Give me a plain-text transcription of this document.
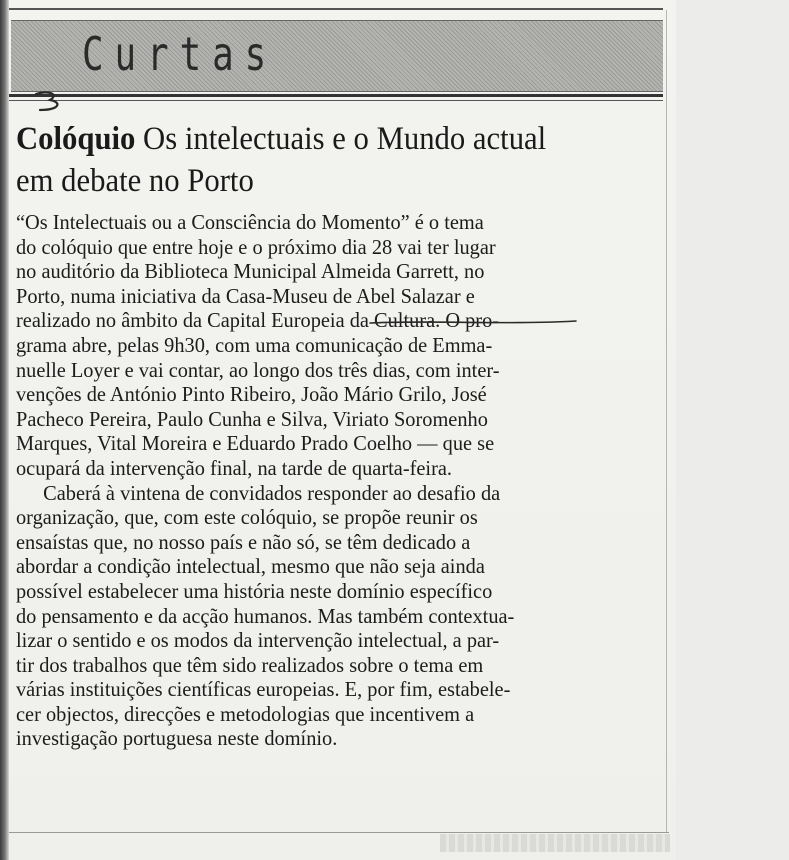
Curtas
Colóquio Os intelectuais e o Mundo actual
em debate no Porto
“Os Intelectuais ou a Consciência do Momento” é o tema
do colóquio que entre hoje e o próximo dia 28 vai ter lugar
no auditório da Biblioteca Municipal Almeida Garrett, no
Porto, numa iniciativa da Casa-Museu de Abel Salazar e
realizado no âmbito da Capital Europeia da Cultura. O pro-
grama abre, pelas 9h30, com uma comunicação de Emma-
nuelle Loyer e vai contar, ao longo dos três dias, com inter-
venções de António Pinto Ribeiro, João Mário Grilo, José
Pacheco Pereira, Paulo Cunha e Silva, Viriato Soromenho
Marques, Vital Moreira e Eduardo Prado Coelho — que se
ocupará da intervenção final, na tarde de quarta-feira.
Caberá à vintena de convidados responder ao desafio da
organização, que, com este colóquio, se propõe reunir os
ensaístas que, no nosso país e não só, se têm dedicado a
abordar a condição intelectual, mesmo que não seja ainda
possível estabelecer uma história neste domínio específico
do pensamento e da acção humanos. Mas também contextua-
lizar o sentido e os modos da intervenção intelectual, a par-
tir dos trabalhos que têm sido realizados sobre o tema em
várias instituições científicas europeias. E, por fim, estabele-
cer objectos, direcções e metodologias que incentivem a
investigação portuguesa neste domínio.
